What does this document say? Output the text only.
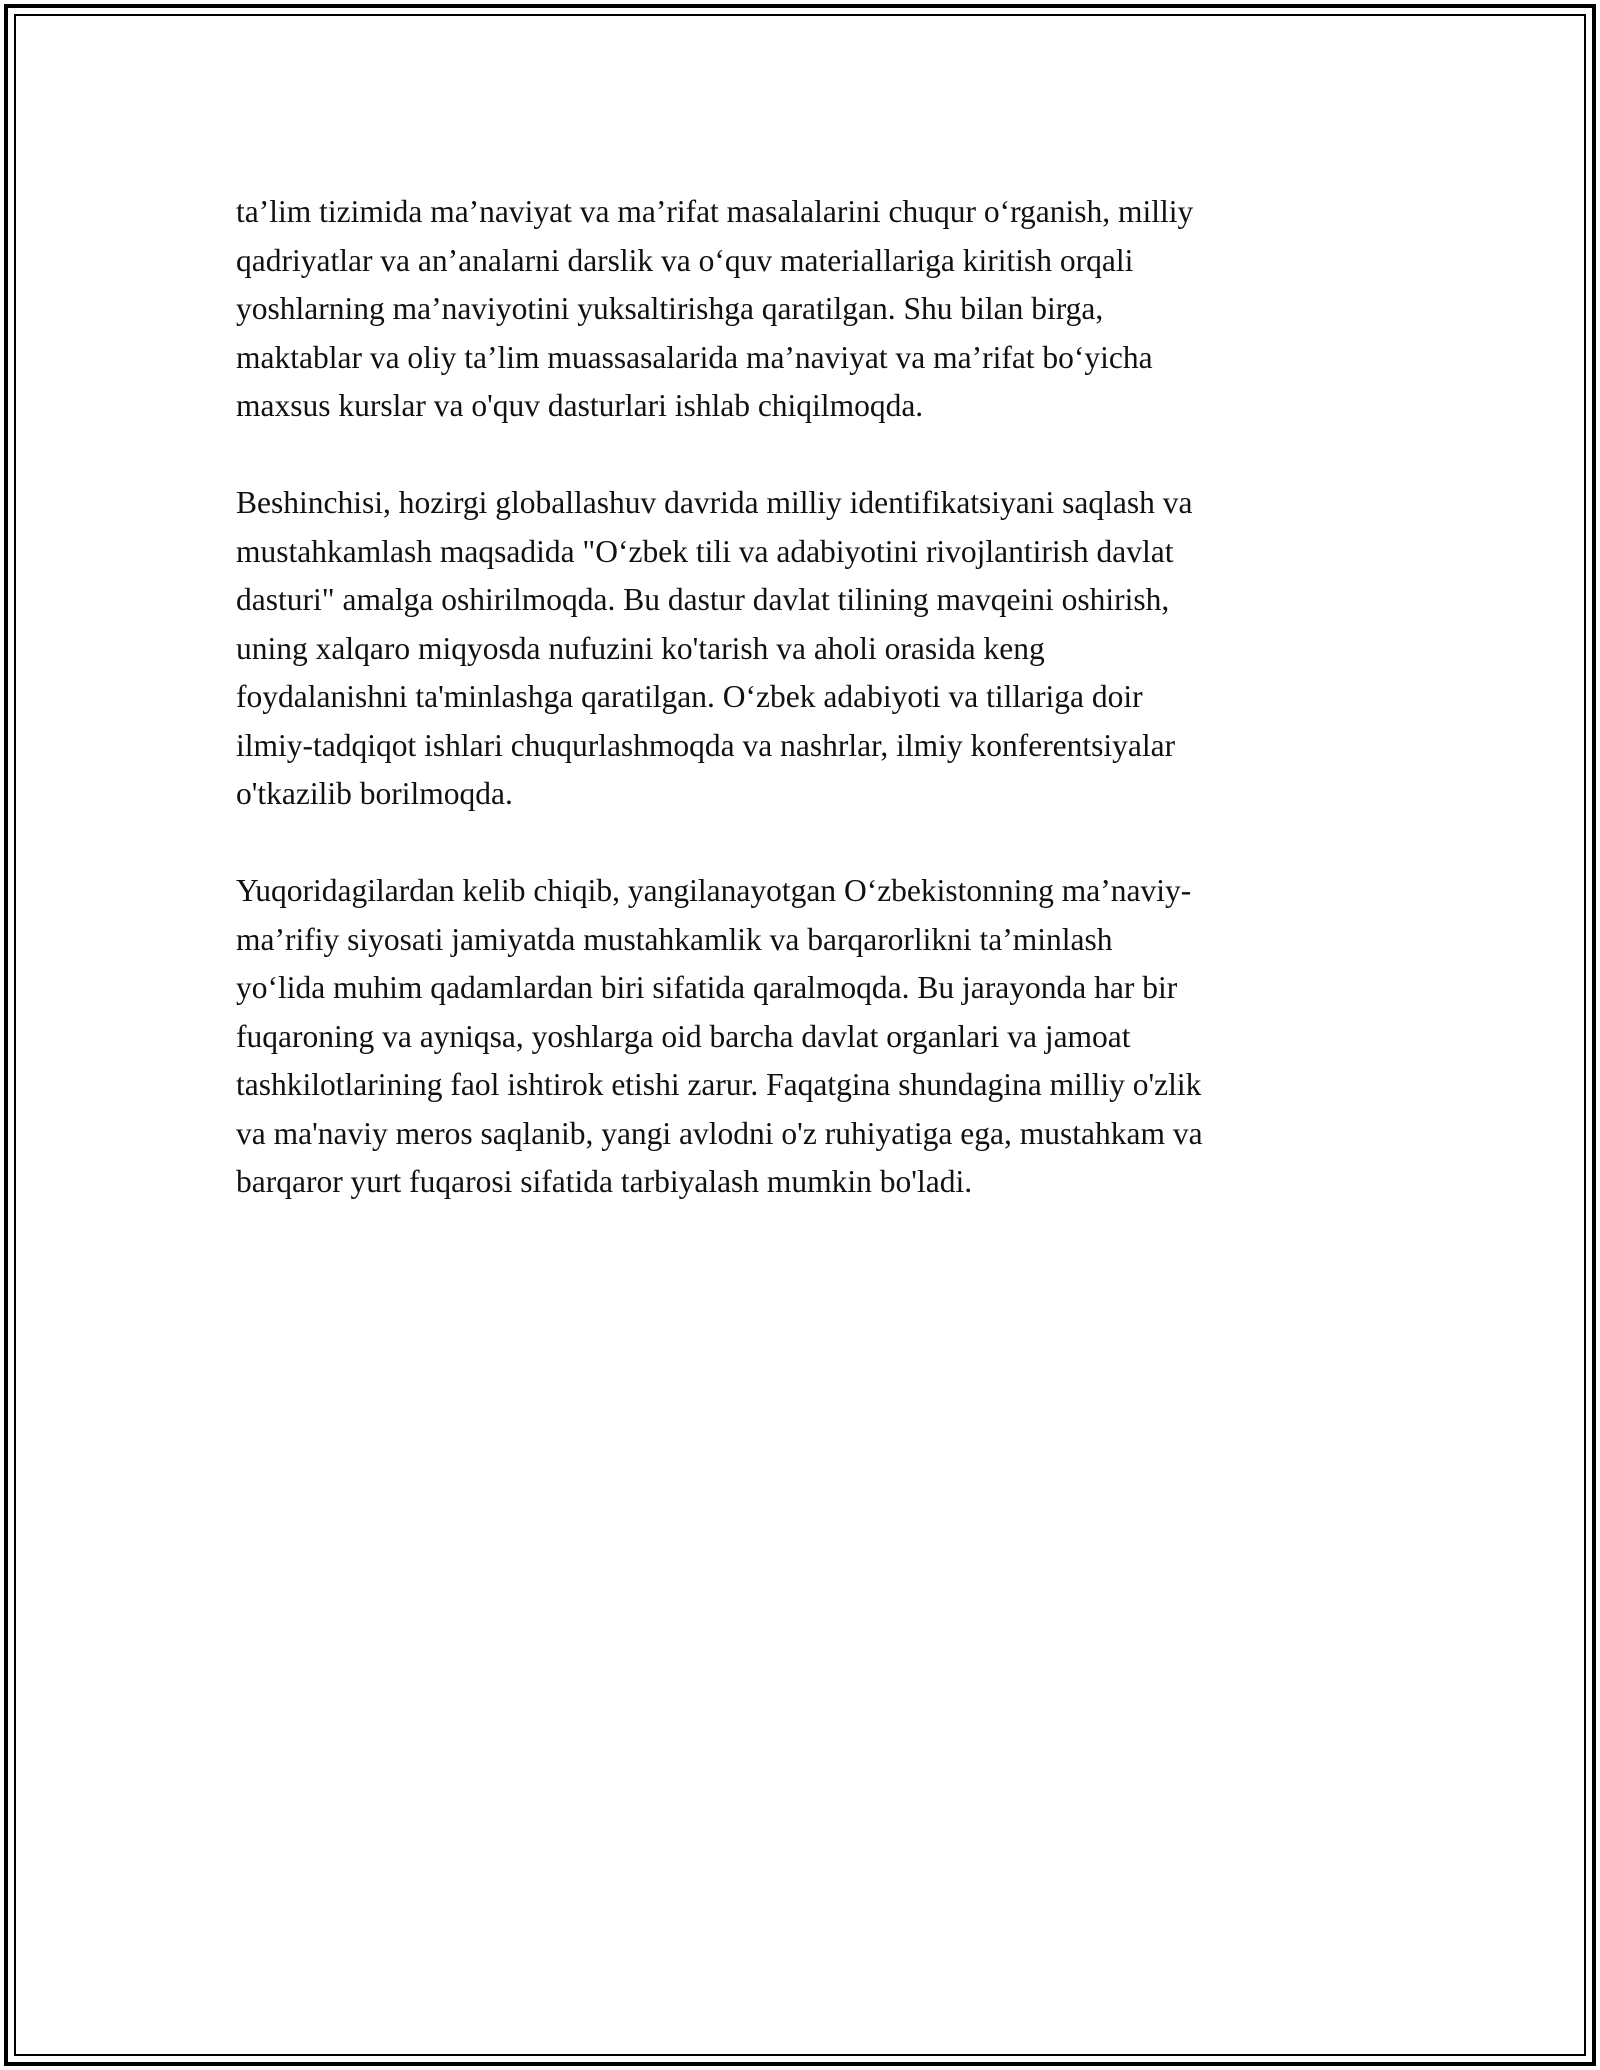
ta’lim tizimida ma’naviyat va ma’rifat masalalarini chuqur o‘rganish, milliy
qadriyatlar va an’analarni darslik va o‘quv materiallariga kiritish orqali
yoshlarning ma’naviyotini yuksaltirishga qaratilgan. Shu bilan birga,
maktablar va oliy ta’lim muassasalarida ma’naviyat va ma’rifat bo‘yicha
maxsus kurslar va o'quv dasturlari ishlab chiqilmoqda.

Beshinchisi, hozirgi globallashuv davrida milliy identifikatsiyani saqlash va
mustahkamlash maqsadida "O‘zbek tili va adabiyotini rivojlantirish davlat
dasturi" amalga oshirilmoqda. Bu dastur davlat tilining mavqeini oshirish,
uning xalqaro miqyosda nufuzini ko'tarish va aholi orasida keng
foydalanishni ta'minlashga qaratilgan. O‘zbek adabiyoti va tillariga doir
ilmiy-tadqiqot ishlari chuqurlashmoqda va nashrlar, ilmiy konferentsiyalar
o'tkazilib borilmoqda.

Yuqoridagilardan kelib chiqib, yangilanayotgan O‘zbekistonning ma’naviy-
ma’rifiy siyosati jamiyatda mustahkamlik va barqarorlikni ta’minlash
yo‘lida muhim qadamlardan biri sifatida qaralmoqda. Bu jarayonda har bir
fuqaroning va ayniqsa, yoshlarga oid barcha davlat organlari va jamoat
tashkilotlarining faol ishtirok etishi zarur. Faqatgina shundagina milliy o'zlik
va ma'naviy meros saqlanib, yangi avlodni o'z ruhiyatiga ega, mustahkam va
barqaror yurt fuqarosi sifatida tarbiyalash mumkin bo'ladi.
